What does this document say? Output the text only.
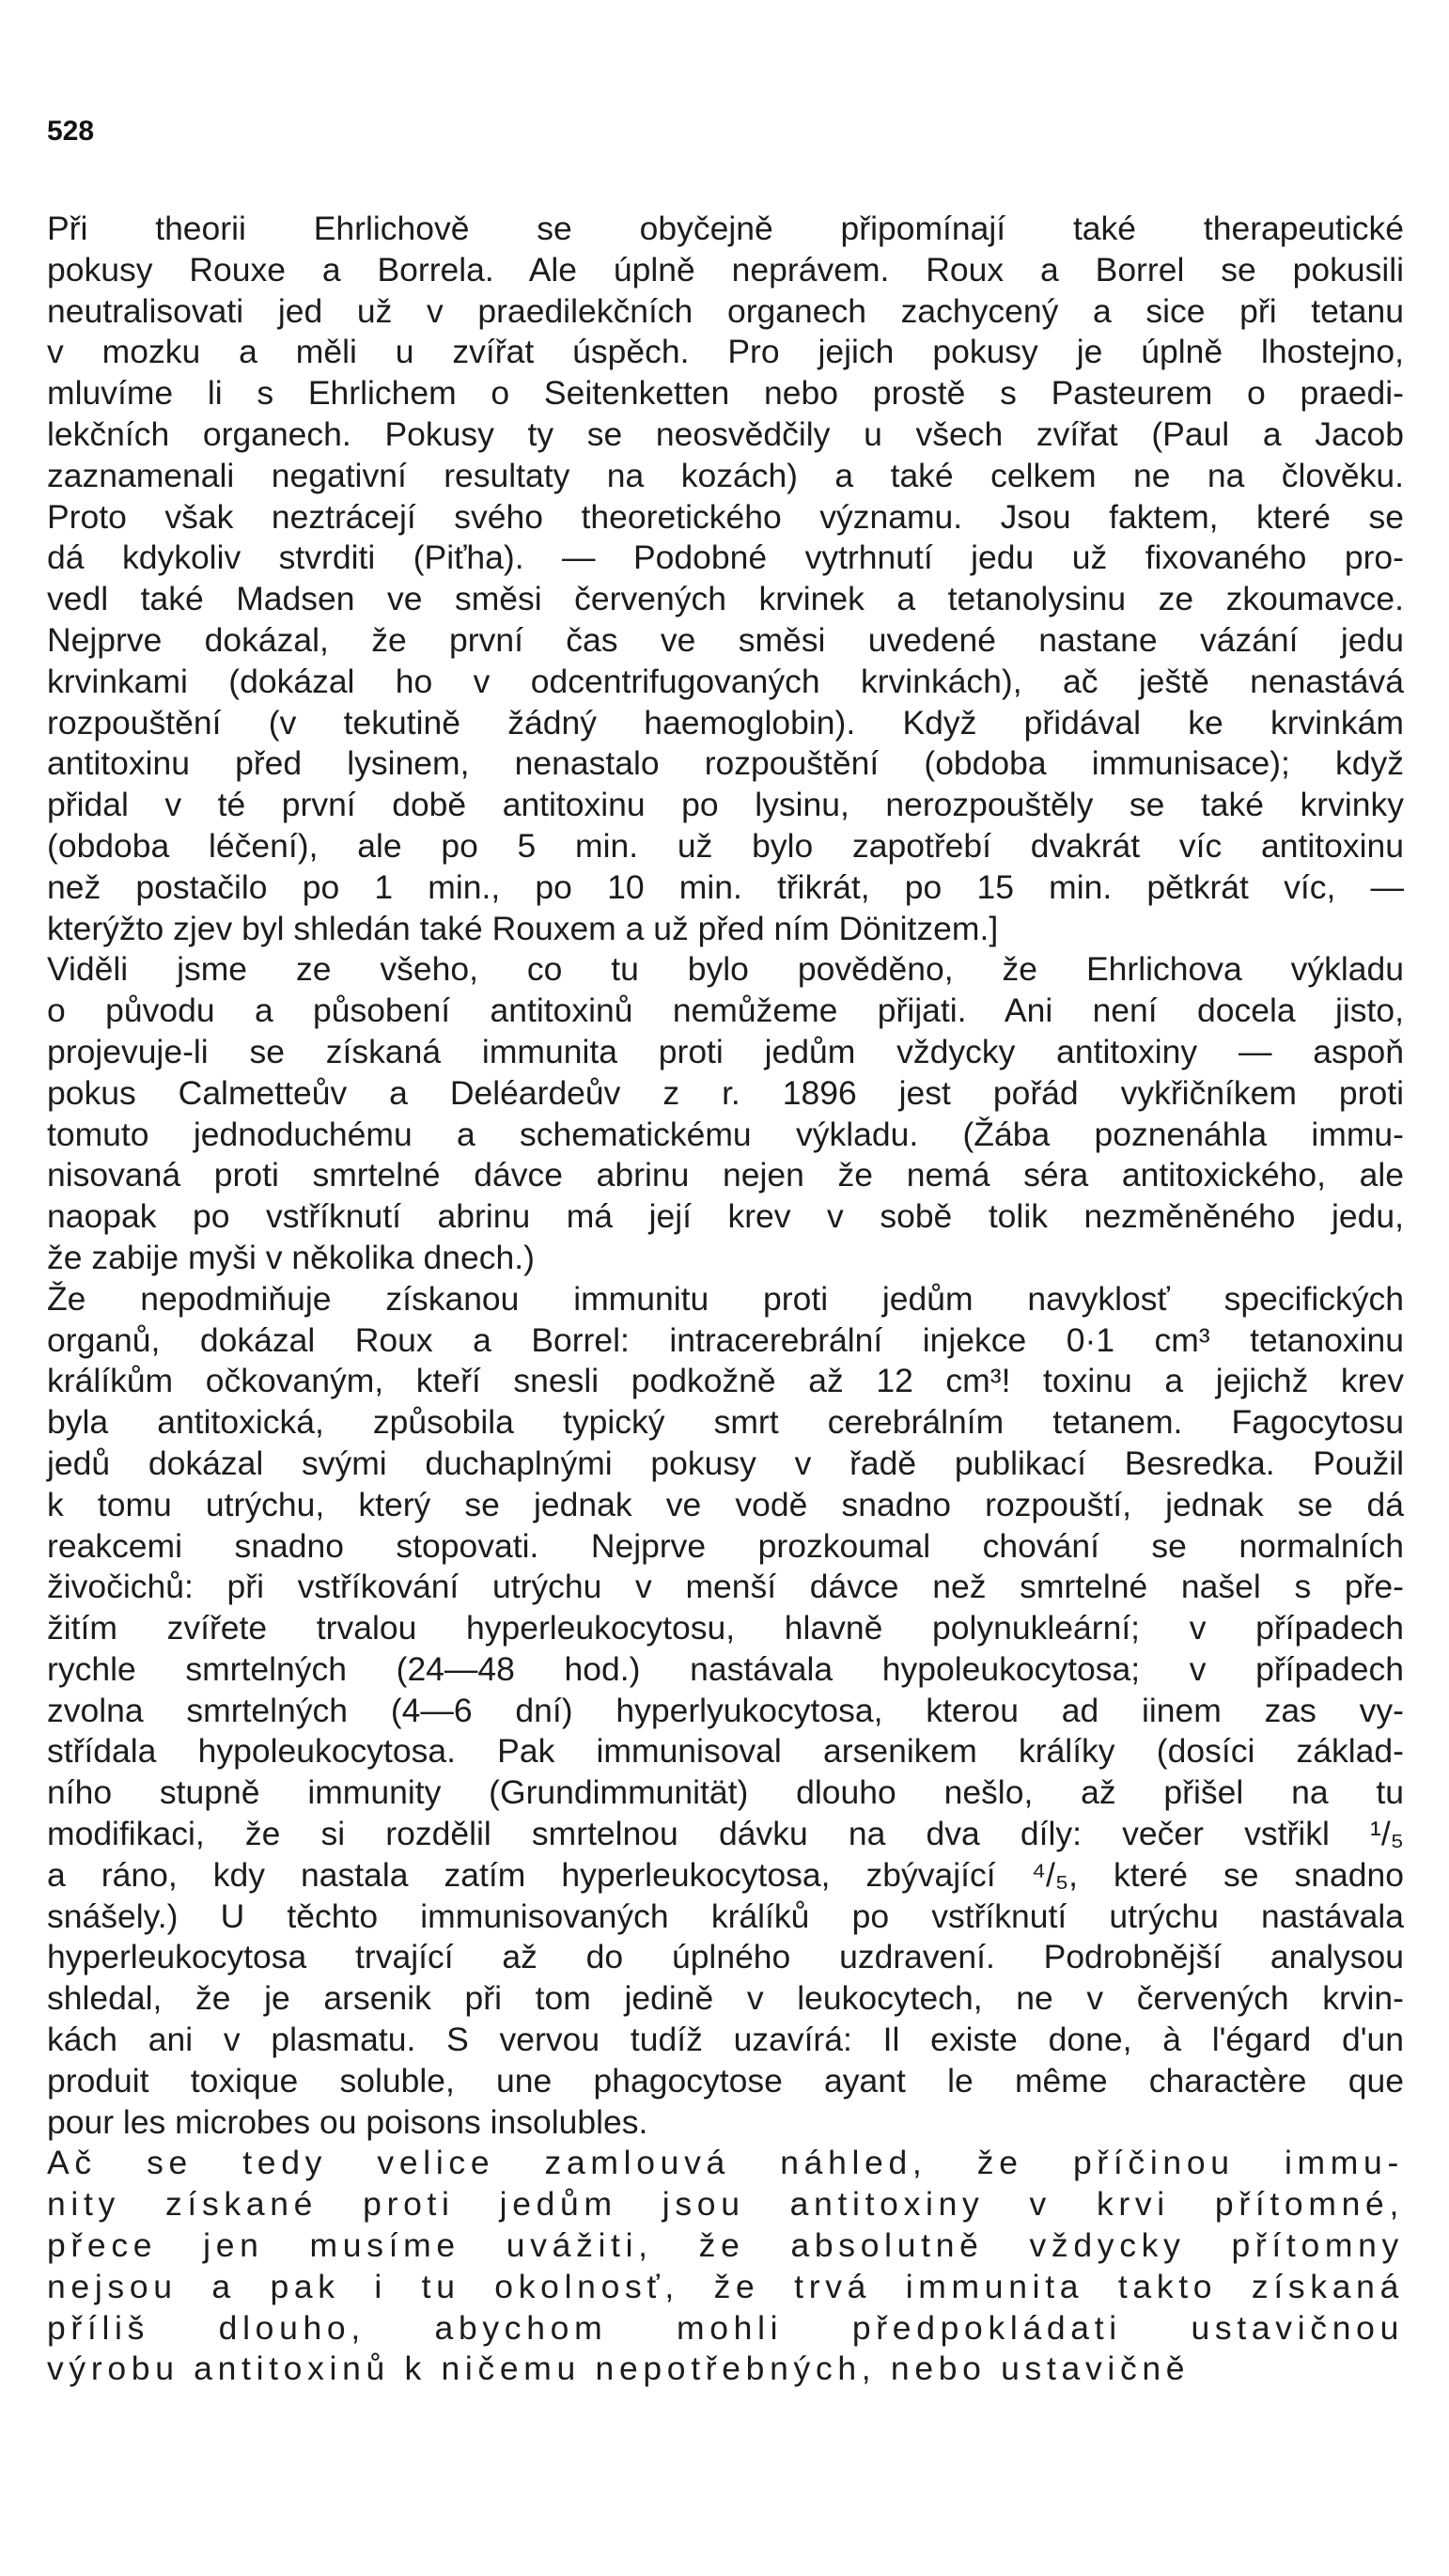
528
Při theorii Ehrlichově se obyčejně připomínají také therapeutické
pokusy Rouxe a Borrela. Ale úplně neprávem. Roux a Borrel se pokusili
neutralisovati jed už v praedilekčních organech zachycený a sice při tetanu
v mozku a měli u zvířat úspěch. Pro jejich pokusy je úplně lhostejno,
mluvíme li s Ehrlichem o Seitenketten nebo prostě s Pasteurem o praedi-
lekčních organech. Pokusy ty se neosvědčily u všech zvířat (Paul a Jacob
zaznamenali negativní resultaty na kozách) a také celkem ne na člověku.
Proto však neztrácejí svého theoretického významu. Jsou faktem, které se
dá kdykoliv stvrditi (Piťha). — Podobné vytrhnutí jedu už fixovaného pro-
vedl také Madsen ve směsi červených krvinek a tetanolysinu ze zkoumavce.
Nejprve dokázal, že první čas ve směsi uvedené nastane vázání jedu
krvinkami (dokázal ho v odcentrifugovaných krvinkách), ač ještě nenastává
rozpouštění (v tekutině žádný haemoglobin). Když přidával ke krvinkám
antitoxinu před lysinem, nenastalo rozpouštění (obdoba immunisace); když
přidal v té první době antitoxinu po lysinu, nerozpouštěly se také krvinky
(obdoba léčení), ale po 5 min. už bylo zapotřebí dvakrát víc antitoxinu
než postačilo po 1 min., po 10 min. třikrát, po 15 min. pětkrát víc, —
kterýžto zjev byl shledán také Rouxem a už před ním Dönitzem.]
Viděli jsme ze všeho, co tu bylo pověděno, že Ehrlichova výkladu
o původu a působení antitoxinů nemůžeme přijati. Ani není docela jisto,
projevuje-li se získaná immunita proti jedům vždycky antitoxiny — aspoň
pokus Calmetteův a Deléardeův z r. 1896 jest pořád vykřičníkem proti
tomuto jednoduchému a schematickému výkladu. (Žába poznenáhla immu-
nisovaná proti smrtelné dávce abrinu nejen že nemá séra antitoxického, ale
naopak po vstříknutí abrinu má její krev v sobě tolik nezměněného jedu,
že zabije myši v několika dnech.)
Že nepodmiňuje získanou immunitu proti jedům navyklosť specifických
organů, dokázal Roux a Borrel: intracerebrální injekce 0·1 cm³ tetanoxinu
králíkům očkovaným, kteří snesli podkožně až 12 cm³! toxinu a jejichž krev
byla antitoxická, způsobila typický smrt cerebrálním tetanem. Fagocytosu
jedů dokázal svými duchaplnými pokusy v řadě publikací Besredka. Použil
k tomu utrýchu, který se jednak ve vodě snadno rozpouští, jednak se dá
reakcemi snadno stopovati. Nejprve prozkoumal chování se normalních
živočichů: při vstříkování utrýchu v menší dávce než smrtelné našel s pře-
žitím zvířete trvalou hyperleukocytosu, hlavně polynukleární; v případech
rychle smrtelných (24—48 hod.) nastávala hypoleukocytosa; v případech
zvolna smrtelných (4—6 dní) hyperlyukocytosa, kterou ad iinem zas vy-
střídala hypoleukocytosa. Pak immunisoval arsenikem králíky (dosíci základ-
ního stupně immunity (Grundimmunität) dlouho nešlo, až přišel na tu
modifikaci, že si rozdělil smrtelnou dávku na dva díly: večer vstřikl ¹/₅
a ráno, kdy nastala zatím hyperleukocytosa, zbývající ⁴/₅, které se snadno
snášely.) U těchto immunisovaných králíků po vstříknutí utrýchu nastávala
hyperleukocytosa trvající až do úplného uzdravení. Podrobnější analysou
shledal, že je arsenik při tom jedině v leukocytech, ne v červených krvin-
kách ani v plasmatu. S vervou tudíž uzavírá: Il existe done, à l'égard d'un
produit toxique soluble, une phagocytose ayant le même charactère que
pour les microbes ou poisons insolubles.
Ač se tedy velice zamlouvá náhled, že příčinou immu-
nity získané proti jedům jsou antitoxiny v krvi přítomné,
přece jen musíme uvážiti, že absolutně vždycky přítomny
nejsou a pak i tu okolnosť, že trvá immunita takto získaná
příliš dlouho, abychom mohli předpokládati ustavičnou
výrobu antitoxinů k ničemu nepotřebných, nebo ustavičně
